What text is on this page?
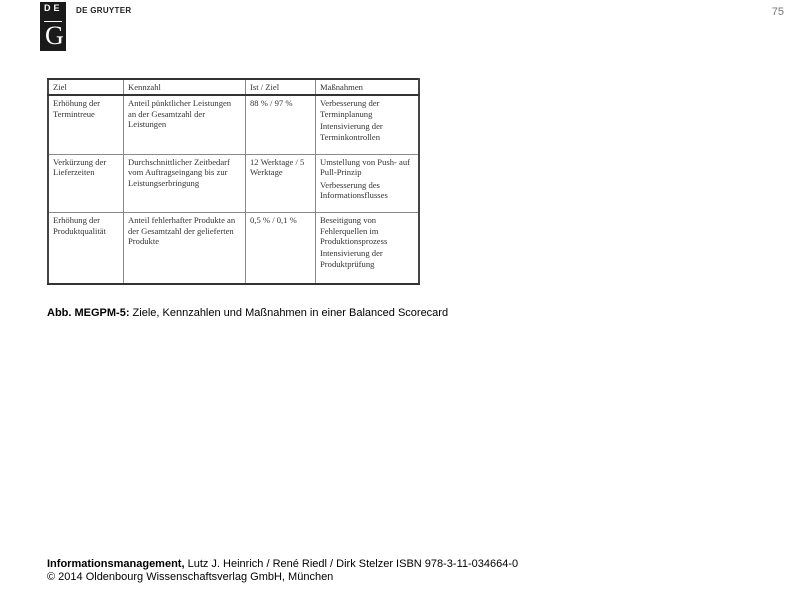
DE
G
DE GRUYTER	75
Ziel	Kennzahl	Ist / Ziel	Maßnahmen
Erhöhung der Termintreue	Anteil pünktlicher Leistungen an der Gesamtzahl der Leistungen	88 % / 97 %	Verbesserung der Terminplanung
Intensivierung der Terminkontrollen

Verkürzung der Lieferzeiten	Durchschnittlicher Zeitbedarf vom Auftragseingang bis zur Leistungserbringung	12 Werktage / 5 Werktage	Umstellung von Push- auf Pull-Prinzip
Verbesserung des Informationsflusses

Erhöhung der Produktqualität	Anteil fehlerhafter Produkte an der Gesamtzahl der gelieferten Produkte	0,5 % / 0,1 %	Beseitigung von Fehlerquellen im Produktionsprozess
Intensivierung der Produktprüfung
Abb. MEGPM-5: Ziele, Kennzahlen und Maßnahmen in einer Balanced Scorecard
Informationsmanagement, Lutz J. Heinrich / René Riedl / Dirk Stelzer ISBN 978-3-11-034664-0
© 2014 Oldenbourg Wissenschaftsverlag GmbH, München
